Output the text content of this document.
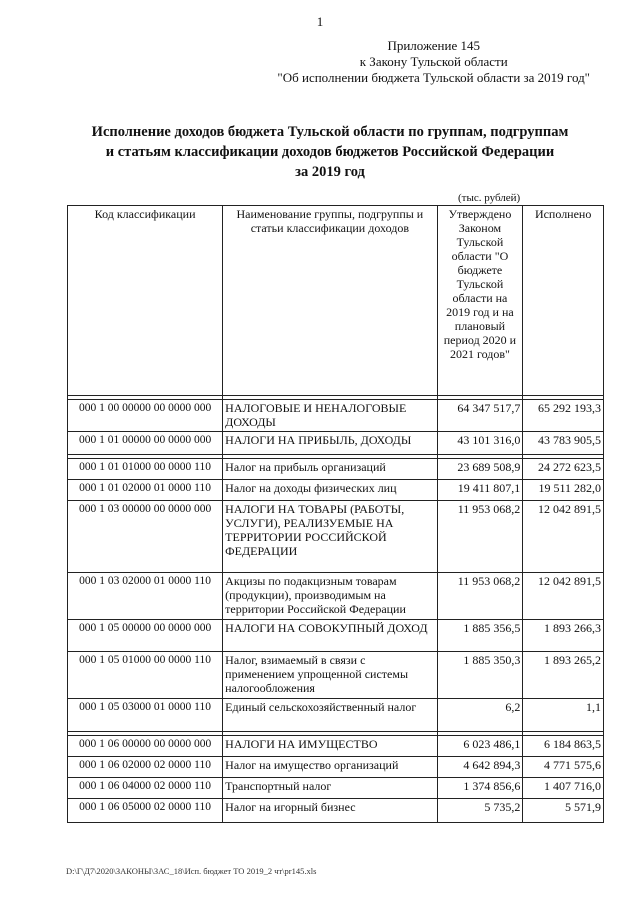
1
Приложение 145
к Закону Тульской области
"Об исполнении бюджета Тульской области за 2019 год"
Исполнение доходов бюджета Тульской области по группам, подгруппам
и статьям классификации доходов бюджетов Российской Федерации
за 2019 год
(тыс. рублей)
Код классификации	Наименование группы, подгруппы и статьи классификации доходов	Утверждено Законом Тульской области "О бюджете Тульской области на 2019 год и на плановый период 2020 и 2021 годов"	Исполнено

000 1 00 00000 00 0000 000	НАЛОГОВЫЕ И НЕНАЛОГОВЫЕ ДОХОДЫ	64 347 517,7	65 292 193,3
000 1 01 00000 00 0000 000	НАЛОГИ НА ПРИБЫЛЬ, ДОХОДЫ	43 101 316,0	43 783 905,5

000 1 01 01000 00 0000 110	Налог на прибыль организаций	23 689 508,9	24 272 623,5
000 1 01 02000 01 0000 110	Налог на доходы физических лиц	19 411 807,1	19 511 282,0
000 1 03 00000 00 0000 000	НАЛОГИ НА ТОВАРЫ (РАБОТЫ, УСЛУГИ), РЕАЛИЗУЕМЫЕ НА ТЕРРИТОРИИ РОССИЙСКОЙ ФЕДЕРАЦИИ	11 953 068,2	12 042 891,5
000 1 03 02000 01 0000 110	Акцизы по подакцизным товарам (продукции), производимым на территории Российской Федерации	11 953 068,2	12 042 891,5
000 1 05 00000 00 0000 000	НАЛОГИ НА СОВОКУПНЫЙ ДОХОД	1 885 356,5	1 893 266,3
000 1 05 01000 00 0000 110	Налог, взимаемый в связи с применением упрощенной системы налогообложения	1 885 350,3	1 893 265,2
000 1 05 03000 01 0000 110	Единый сельскохозяйственный налог	6,2	1,1

000 1 06 00000 00 0000 000	НАЛОГИ НА ИМУЩЕСТВО	6 023 486,1	6 184 863,5
000 1 06 02000 02 0000 110	Налог на имущество организаций	4 642 894,3	4 771 575,6
000 1 06 04000 02 0000 110	Транспортный налог	1 374 856,6	1 407 716,0
000 1 06 05000 02 0000 110	Налог на игорный бизнес	5 735,2	5 571,9
D:\Г\Д7\2020\ЗАКОНЫ\ЗАС_18\Исп. бюджет ТО 2019_2 чт\pr145.xls
